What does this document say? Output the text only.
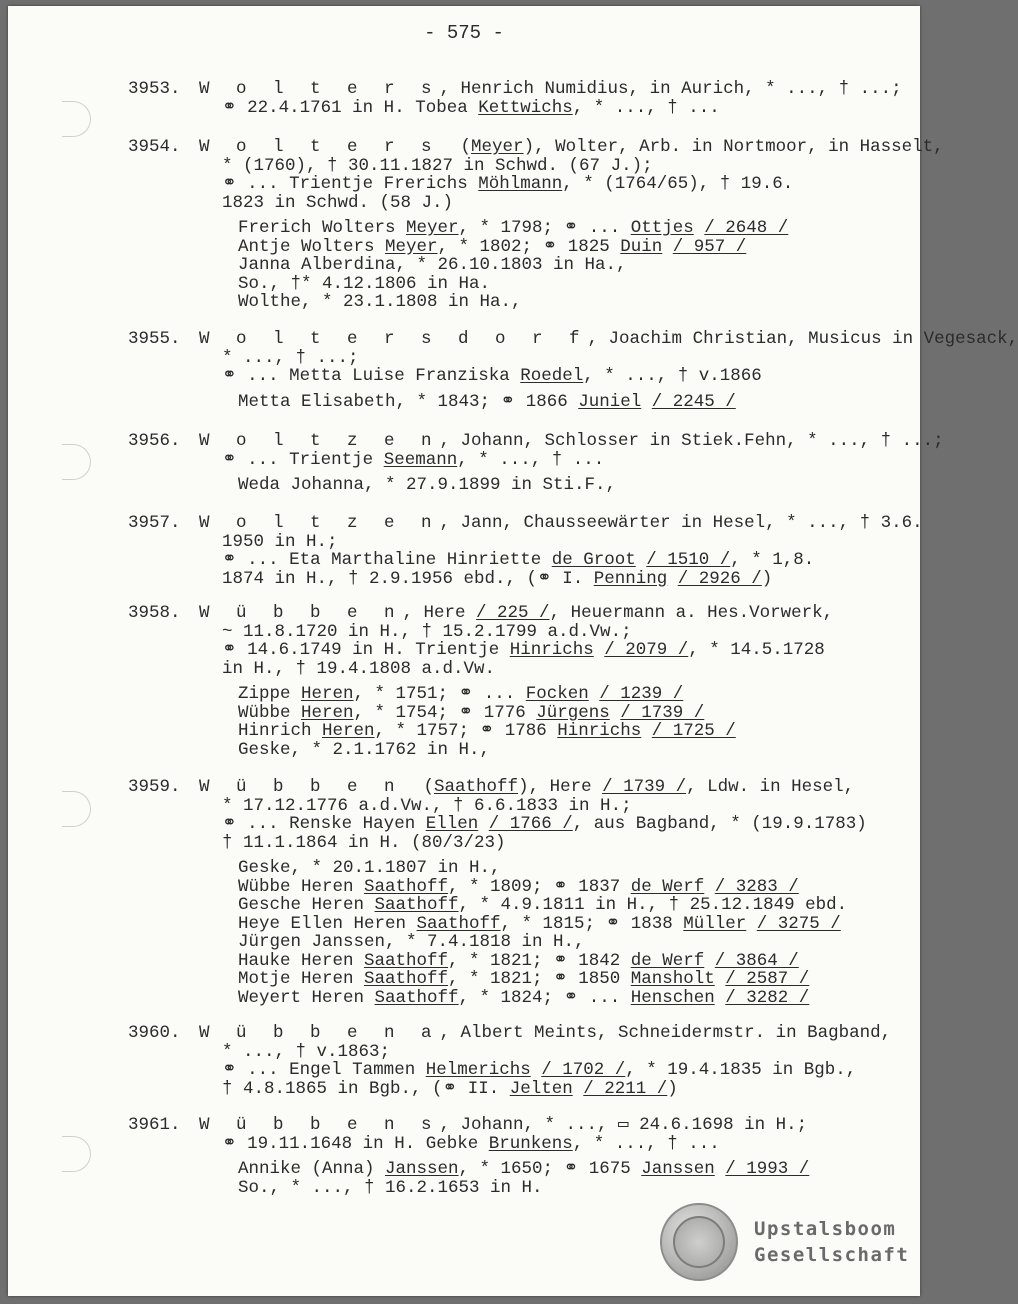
- 575 -
3953. W o l t e r s, Henrich Numidius, in Aurich, * ..., † ...;
⚭ 22.4.1761 in H. Tobea Kettwichs, * ..., † ...
3954. W o l t e r s  (Meyer), Wolter, Arb. in Nortmoor, in Hasselt,
* (1760), † 30.11.1827 in Schwd. (67 J.);
⚭ ... Trientje Frerichs Möhlmann, * (1764/65), † 19.6.
1823 in Schwd. (58 J.)
Frerich Wolters Meyer, * 1798; ⚭ ... Ottjes / 2648 /
Antje Wolters Meyer, * 1802; ⚭ 1825 Duin / 957 /
Janna Alberdina, * 26.10.1803 in Ha.,
So., †* 4.12.1806 in Ha.
Wolthe, * 23.1.1808 in Ha.,
3955. W o l t e r s d o r f, Joachim Christian, Musicus in Vegesack,
* ..., † ...;
⚭ ... Metta Luise Franziska Roedel, * ..., † v.1866
Metta Elisabeth, * 1843; ⚭ 1866 Juniel / 2245 /
3956. W o l t z e n, Johann, Schlosser in Stiek.Fehn, * ..., † ...;
⚭ ... Trientje Seemann, * ..., † ...
Weda Johanna, * 27.9.1899 in Sti.F.,
3957. W o l t z e n, Jann, Chausseewärter in Hesel, * ..., † 3.6.
1950 in H.;
⚭ ... Eta Marthaline Hinriette de Groot / 1510 /, * 1,8.
1874 in H., † 2.9.1956 ebd., (⚭ I. Penning / 2926 /)
3958. W ü b b e n, Here / 225 /, Heuermann a. Hes.Vorwerk,
~ 11.8.1720 in H., † 15.2.1799 a.d.Vw.;
⚭ 14.6.1749 in H. Trientje Hinrichs / 2079 /, * 14.5.1728
in H., † 19.4.1808 a.d.Vw.
Zippe Heren, * 1751; ⚭ ... Focken / 1239 /
Wübbe Heren, * 1754; ⚭ 1776 Jürgens / 1739 /
Hinrich Heren, * 1757; ⚭ 1786 Hinrichs / 1725 /
Geske, * 2.1.1762 in H.,
3959. W ü b b e n  (Saathoff), Here / 1739 /, Ldw. in Hesel,
* 17.12.1776 a.d.Vw., † 6.6.1833 in H.;
⚭ ... Renske Hayen Ellen / 1766 /, aus Bagband, * (19.9.1783)
† 11.1.1864 in H. (80/3/23)
Geske, * 20.1.1807 in H.,
Wübbe Heren Saathoff, * 1809; ⚭ 1837 de Werf / 3283 /
Gesche Heren Saathoff, * 4.9.1811 in H., † 25.12.1849 ebd.
Heye Ellen Heren Saathoff, * 1815; ⚭ 1838 Müller / 3275 /
Jürgen Janssen, * 7.4.1818 in H.,
Hauke Heren Saathoff, * 1821; ⚭ 1842 de Werf / 3864 /
Motje Heren Saathoff, * 1821; ⚭ 1850 Mansholt / 2587 /
Weyert Heren Saathoff, * 1824; ⚭ ... Henschen / 3282 /
3960. W ü b b e n a, Albert Meints, Schneidermstr. in Bagband,
* ..., † v.1863;
⚭ ... Engel Tammen Helmerichs / 1702 /, * 19.4.1835 in Bgb.,
† 4.8.1865 in Bgb., (⚭ II. Jelten / 2211 /)
3961. W ü b b e n s, Johann, * ..., ▭ 24.6.1698 in H.;
⚭ 19.11.1648 in H. Gebke Brunkens, * ..., † ...
Annike (Anna) Janssen, * 1650; ⚭ 1675 Janssen / 1993 /
So., * ..., † 16.2.1653 in H.
Upstalsboom
Gesellschaft
